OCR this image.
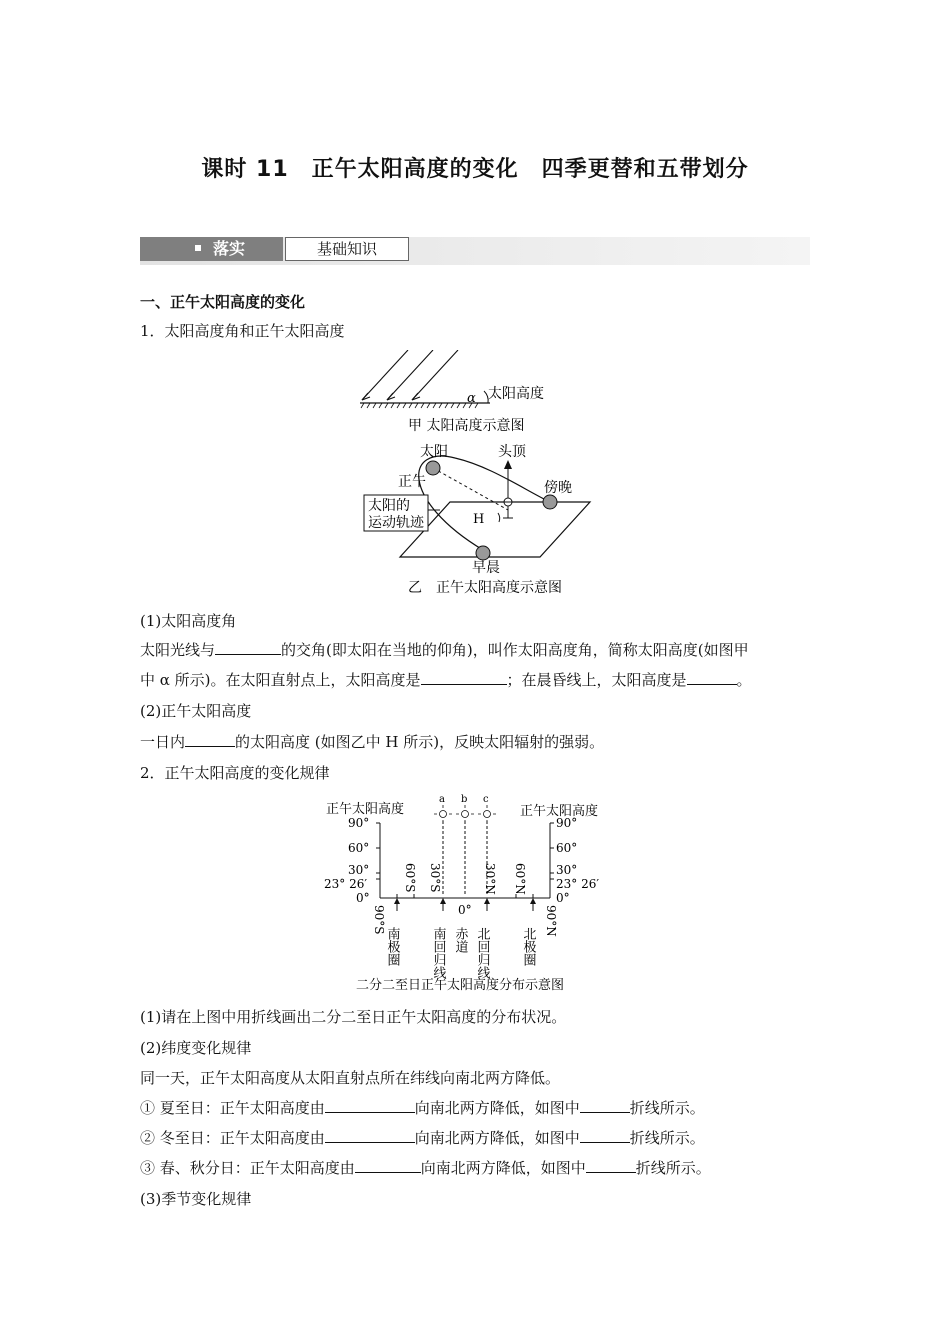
课时 11　正午太阳高度的变化　四季更替和五带划分
落实	基础知识
一、正午太阳高度的变化
1．太阳高度角和正午太阳高度
α 太阳高度
甲 太阳高度示意图
太阳
正午
头顶
傍晚
太阳的
运动轨迹	H
早晨
乙　正午太阳高度示意图
(1)太阳高度角
太阳光线与	的交角(即太阳在当地的仰角)，叫作太阳高度角，简称太阳高度(如图甲
中 α 所示)。在太阳直射点上，太阳高度是	；在晨昏线上，太阳高度是	。
(2)正午太阳高度
一日内	的太阳高度 (如图乙中 H 所示)，反映太阳辐射的强弱。
2．正午太阳高度的变化规律
正午太阳高度	正午太阳高度
90°
60°
30°
23° 26′
0°
90°
60°
30°
23° 26′
0°
a b c
60°S 30°S	30°N 60°N
90°S	90°N
0°
南极圈 南回归线 赤道 北回归线 北极圈
二分二至日正午太阳高度分布示意图
(1)请在上图中用折线画出二分二至日正午太阳高度的分布状况。
(2)纬度变化规律
同一天，正午太阳高度从太阳直射点所在纬线向南北两方降低。
① 夏至日：正午太阳高度由	向南北两方降低，如图中	折线所示。
② 冬至日：正午太阳高度由	向南北两方降低，如图中	折线所示。
③ 春、秋分日：正午太阳高度由	向南北两方降低，如图中	折线所示。
(3)季节变化规律
